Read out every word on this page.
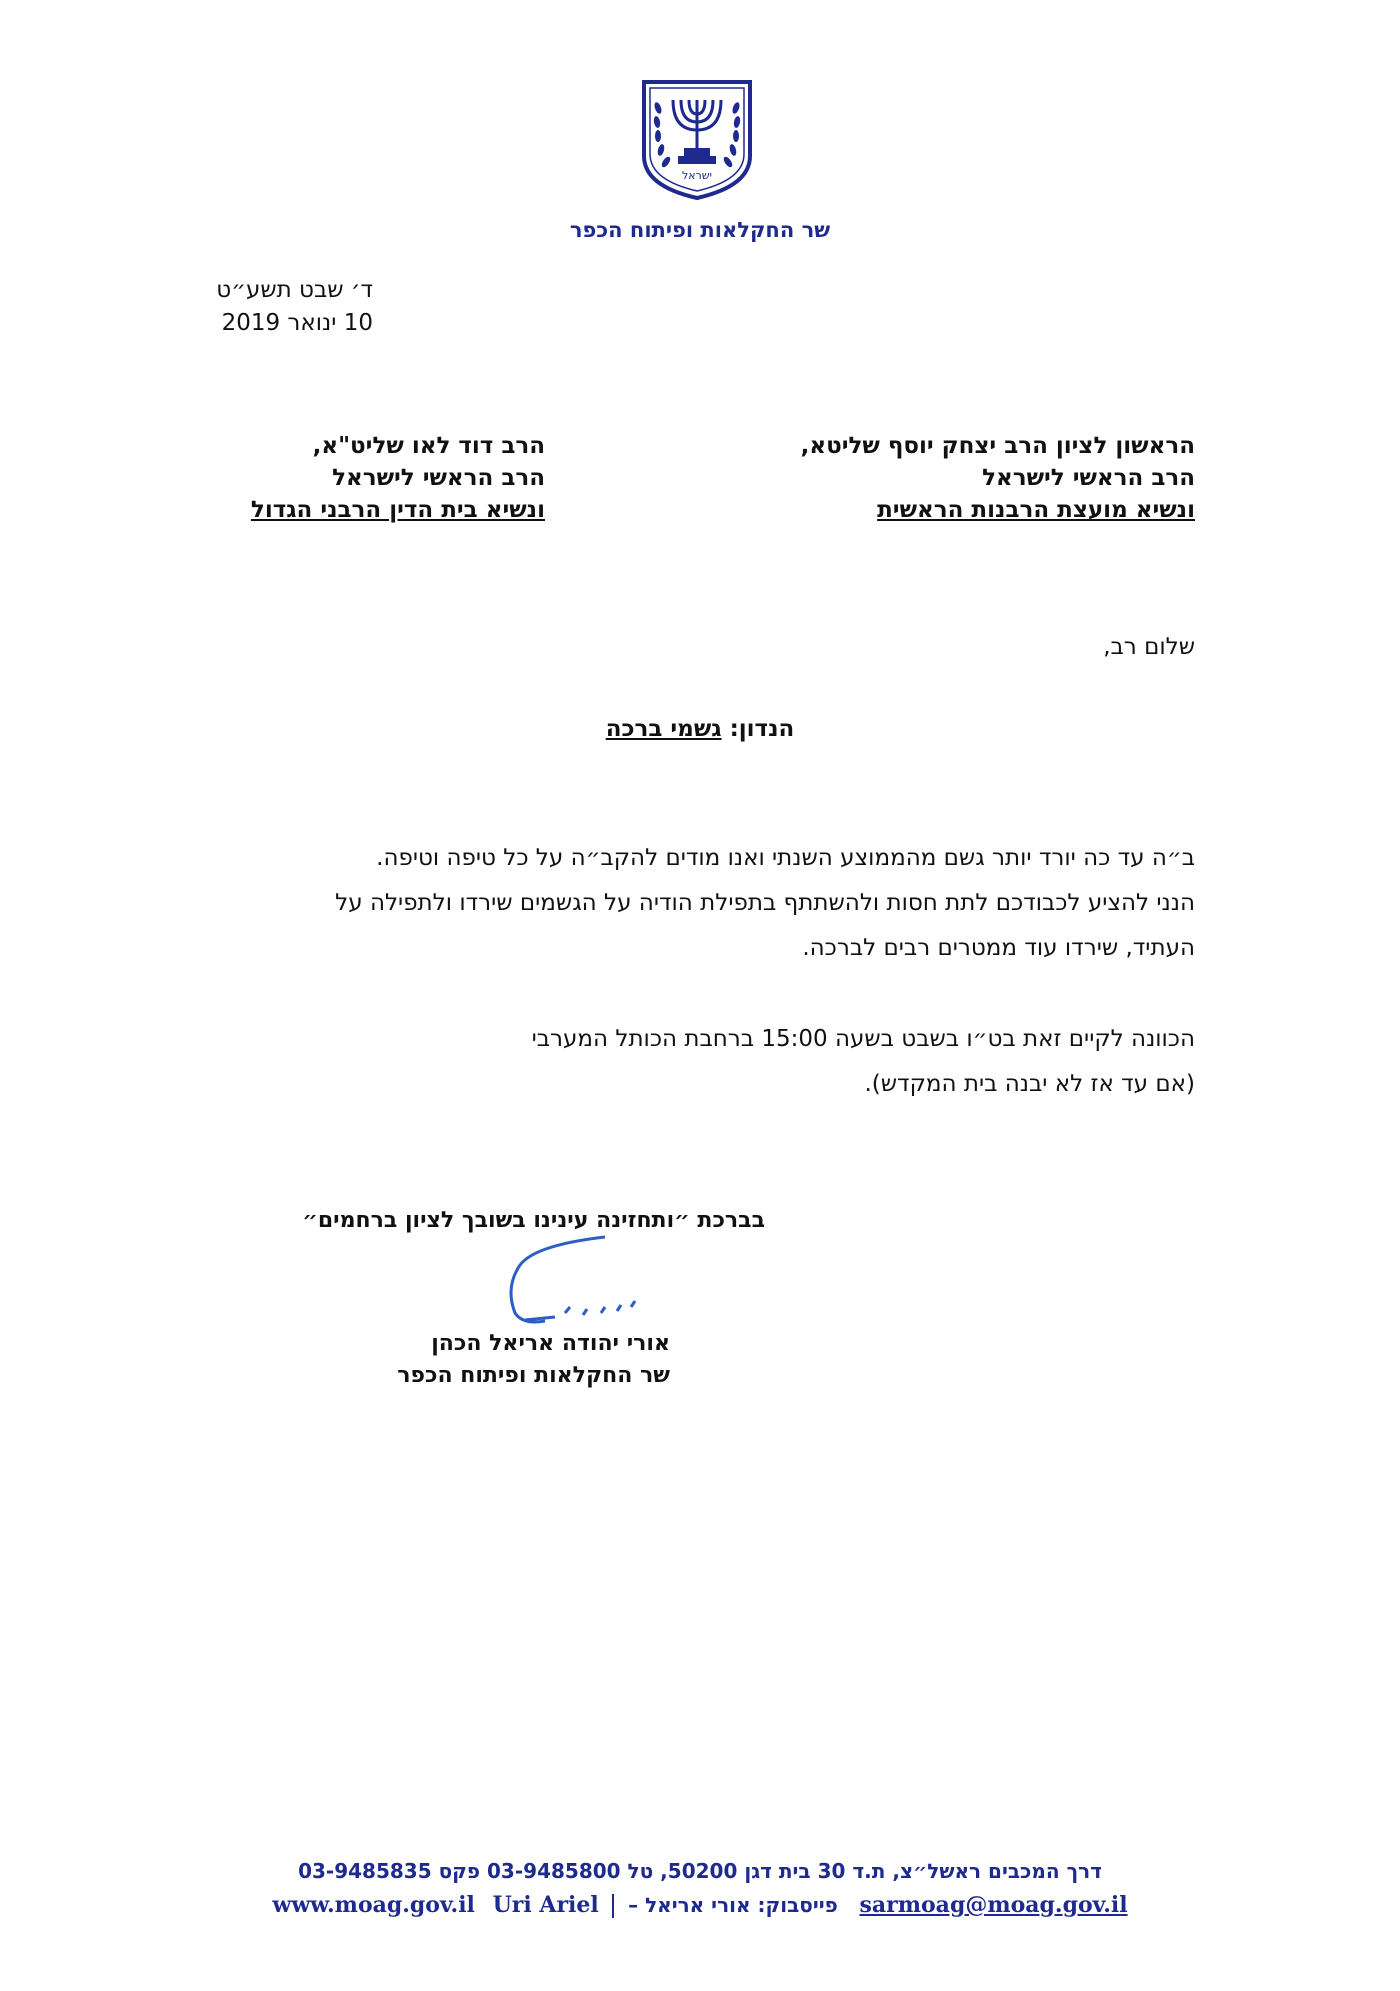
ישראל
שר החקלאות ופיתוח הכפר
ד׳ שבט תשע״ט
10 ינואר 2019
הראשון לציון הרב יצחק יוסף שליטא,
הרב הראשי לישראל
ונשיא מועצת הרבנות הראשית
הרב דוד לאו שליט"א,
הרב הראשי לישראל
ונשיא בית הדין הרבני הגדול
שלום רב,
הנדון: גשמי ברכה
ב״ה עד כה יורד יותר גשם מהממוצע השנתי ואנו מודים להקב״ה על כל טיפה וטיפה.
הנני להציע לכבודכם לתת חסות ולהשתתף בתפילת הודיה על הגשמים שירדו ולתפילה על
העתיד, שירדו עוד ממטרים רבים לברכה.
הכוונה לקיים זאת בט״ו בשבט בשעה 15:00 ברחבת הכותל המערבי
(אם עד אז לא יבנה בית המקדש).
בברכת ״ותחזינה עינינו בשובך לציון ברחמים״
אורי יהודה אריאל הכהן
שר החקלאות ופיתוח הכפר
דרך המכבים ראשל״צ, ת.ד 30 בית דגן 50200, טל 03-9485800 פקס 03-9485835
www.moag.gov.il Uri Ariel פייסבוק: אורי אריאל – sarmoag@moag.gov.il
